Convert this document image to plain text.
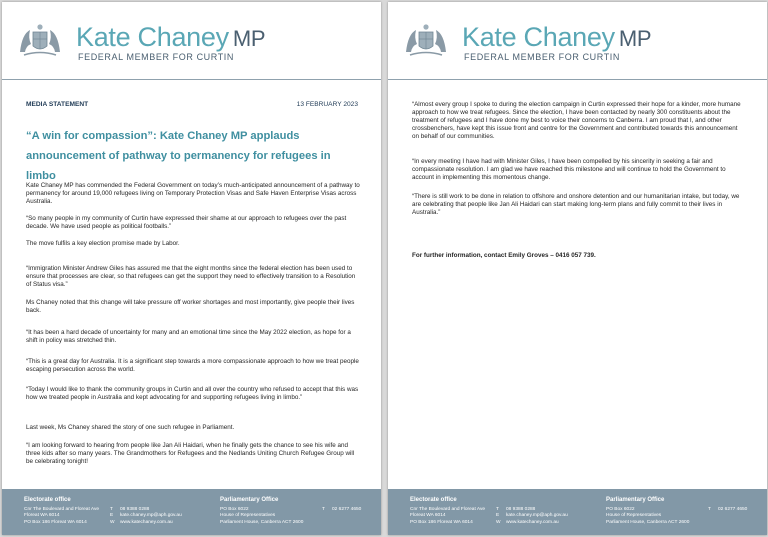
Kate Chaney MP
FEDERAL MEMBER FOR CURTIN
MEDIA STATEMENT	13 FEBRUARY 2023
“A win for compassion”: Kate Chaney MP applauds announcement of pathway to permanency for refugees in limbo
Kate Chaney MP has commended the Federal Government on today’s much-anticipated announcement of a pathway to permanency for around 19,000 refugees living on Temporary Protection Visas and Safe Haven Enterprise Visas across Australia.
“So many people in my community of Curtin have expressed their shame at our approach to refugees over the past decade. We have used people as political footballs.”
The move fulfils a key election promise made by Labor.
“Immigration Minister Andrew Giles has assured me that the eight months since the federal election has been used to ensure that processes are clear, so that refugees can get the support they need to effectively transition to a Resolution of Status visa.”
Ms Chaney noted that this change will take pressure off worker shortages and most importantly, give people their lives back.
“It has been a hard decade of uncertainty for many and an emotional time since the May 2022 election, as hope for a shift in policy was stretched thin.
“This is a great day for Australia. It is a significant step towards a more compassionate approach to how we treat people escaping persecution across the world.
“Today I would like to thank the community groups in Curtin and all over the country who refused to accept that this was how we treated people in Australia and kept advocating for and supporting refugees living in limbo.”
Last week, Ms Chaney shared the story of one such refugee in Parliament.
“I am looking forward to hearing from people like Jan Ali Haidari, when he finally gets the chance to see his wife and three kids after so many years. The Grandmothers for Refugees and the Nedlands Uniting Church Refugee Group will be celebrating tonight!
Electorate office
Cnr The Boulevard and Floreat Ave
Floreat WA 6014
PO Box 186 Floreat WA 6014
T 08 9388 0288
E kate.chaney.mp@aph.gov.au
W www.katechaney.com.au
Parliamentary Office
PO Box 6022
House of Representatives
Parliament House, Canberra ACT 2600
T 02 6277 4650
Kate Chaney MP
FEDERAL MEMBER FOR CURTIN
“Almost every group I spoke to during the election campaign in Curtin expressed their hope for a kinder, more humane approach to how we treat refugees. Since the election, I have been contacted by nearly 300 constituents about the treatment of refugees and I have done my best to voice their concerns to Canberra. I am proud that I, and other crossbenchers, have kept this issue front and centre for the Government and contributed towards this announcement on behalf of our communities.
“In every meeting I have had with Minister Giles, I have been compelled by his sincerity in seeking a fair and compassionate resolution. I am glad we have reached this milestone and will continue to hold the Government to account in implementing this momentous change.
“There is still work to be done in relation to offshore and onshore detention and our humanitarian intake, but today, we are celebrating that people like Jan Ali Haidari can start making long-term plans and fully commit to their lives in Australia.”
For further information, contact Emily Groves – 0416 057 739.
Electorate office
Cnr The Boulevard and Floreat Ave
Floreat WA 6014
PO Box 186 Floreat WA 6014
T 08 9388 0288
E kate.chaney.mp@aph.gov.au
W www.katechaney.com.au
Parliamentary Office
PO Box 6022
House of Representatives
Parliament House, Canberra ACT 2600
T 02 6277 4650
